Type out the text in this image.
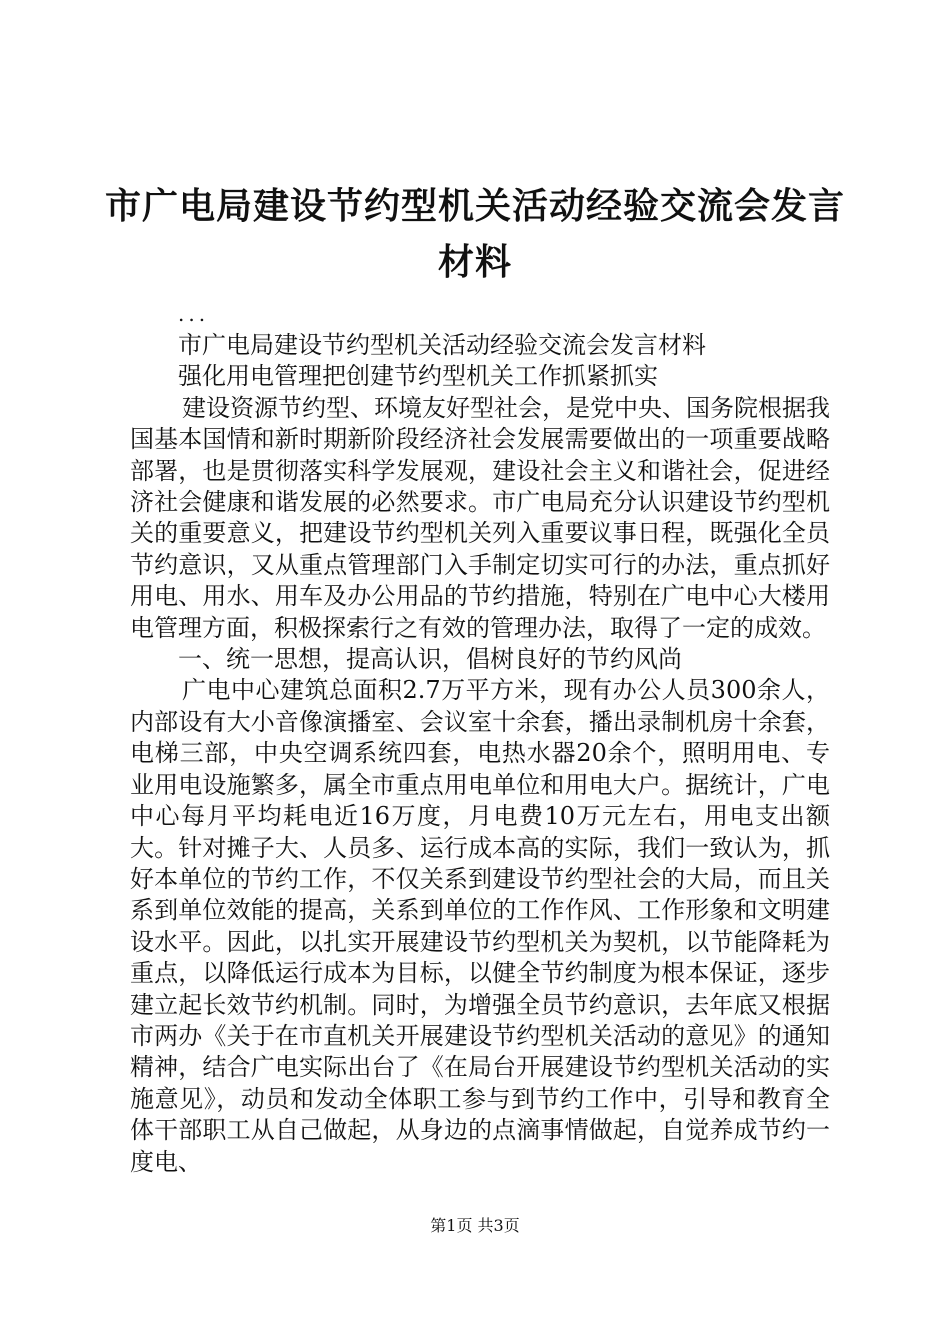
市广电局建设节约型机关活动经验交流会发言材料

...

市广电局建设节约型机关活动经验交流会发言材料

强化用电管理把创建节约型机关工作抓紧抓实

建设资源节约型、环境友好型社会，是党中央、国务院根据我国基本国情和新时期新阶段经济社会发展需要做出的一项重要战略部署，也是贯彻落实科学发展观，建设社会主义和谐社会，促进经济社会健康和谐发展的必然要求。市广电局充分认识建设节约型机关的重要意义，把建设节约型机关列入重要议事日程，既强化全员节约意识，又从重点管理部门入手制定切实可行的办法，重点抓好用电、用水、用车及办公用品的节约措施，特别在广电中心大楼用电管理方面，积极探索行之有效的管理办法，取得了一定的成效。

一、统一思想，提高认识，倡树良好的节约风尚

广电中心建筑总面积2.7万平方米，现有办公人员300余人，内部设有大小音像演播室、会议室十余套，播出录制机房十余套，电梯三部，中央空调系统四套，电热水器20余个，照明用电、专业用电设施繁多，属全市重点用电单位和用电大户。据统计，广电中心每月平均耗电近16万度，月电费10万元左右，用电支出额大。针对摊子大、人员多、运行成本高的实际，我们一致认为，抓好本单位的节约工作，不仅关系到建设节约型社会的大局，而且关系到单位效能的提高，关系到单位的工作作风、工作形象和文明建设水平。因此，以扎实开展建设节约型机关为契机，以节能降耗为重点，以降低运行成本为目标，以健全节约制度为根本保证，逐步建立起长效节约机制。同时，为增强全员节约意识，去年底又根据市两办《关于在市直机关开展建设节约型机关活动的意见》的通知精神，结合广电实际出台了《在局台开展建设节约型机关活动的实施意见》，动员和发动全体职工参与到节约工作中，引导和教育全体干部职工从自己做起，从身边的点滴事情做起，自觉养成节约一度电、

第1页 共3页
